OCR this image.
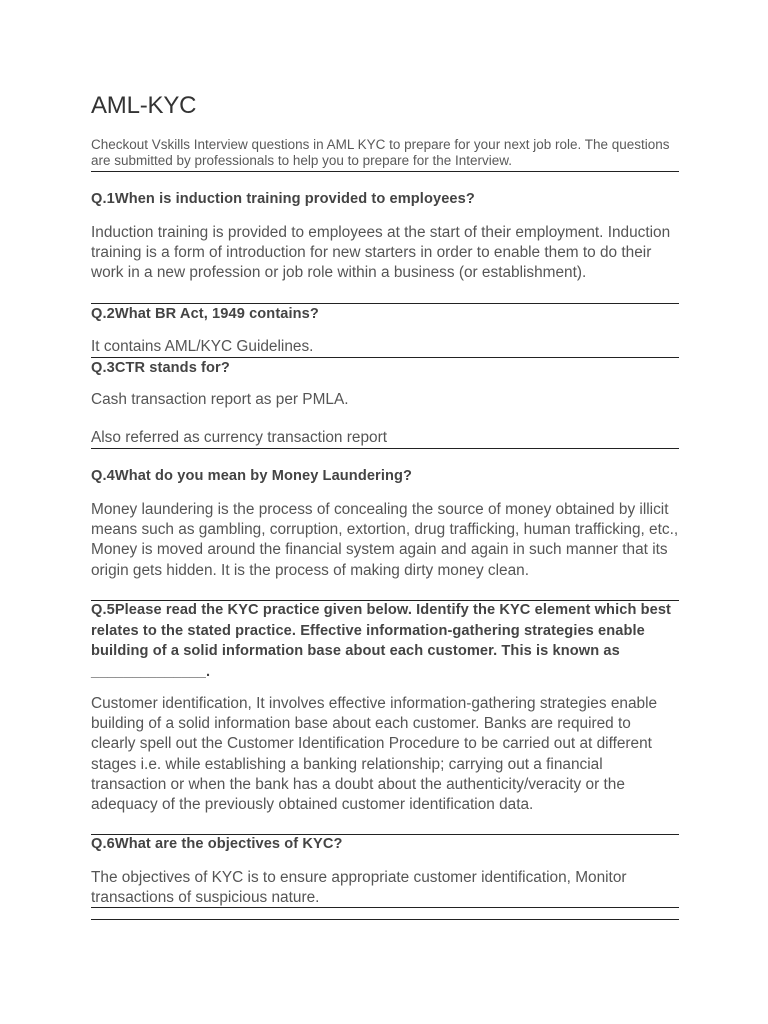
AML-KYC
Checkout Vskills Interview questions in AML KYC to prepare for your next job role. The questions are submitted by professionals to help you to prepare for the Interview.
Q.1When is induction training provided to employees?
Induction training is provided to employees at the start of their employment. Induction training is a form of introduction for new starters in order to enable them to do their work in a new profession or job role within a business (or establishment).
Q.2What BR Act, 1949 contains?
It contains AML/KYC Guidelines.
Q.3CTR stands for?
Cash transaction report as per PMLA.
Also referred as currency transaction report
Q.4What do you mean by Money Laundering?
Money laundering is the process of concealing the source of money obtained by illicit means such as gambling, corruption, extortion, drug trafficking, human trafficking, etc., Money is moved around the financial system again and again in such manner that its origin gets hidden. It is the process of making dirty money clean.
Q.5Please read the KYC practice given below. Identify the KYC element which best relates to the stated practice. Effective information-gathering strategies enable building of a solid information base about each customer. This is known as ______________.
Customer identification, It involves effective information-gathering strategies enable building of a solid information base about each customer. Banks are required to clearly spell out the Customer Identification Procedure to be carried out at different stages i.e. while establishing a banking relationship; carrying out a financial transaction or when the bank has a doubt about the authenticity/veracity or the adequacy of the previously obtained customer identification data.
Q.6What are the objectives of KYC?
The objectives of KYC is to ensure appropriate customer identification, Monitor transactions of suspicious nature.
